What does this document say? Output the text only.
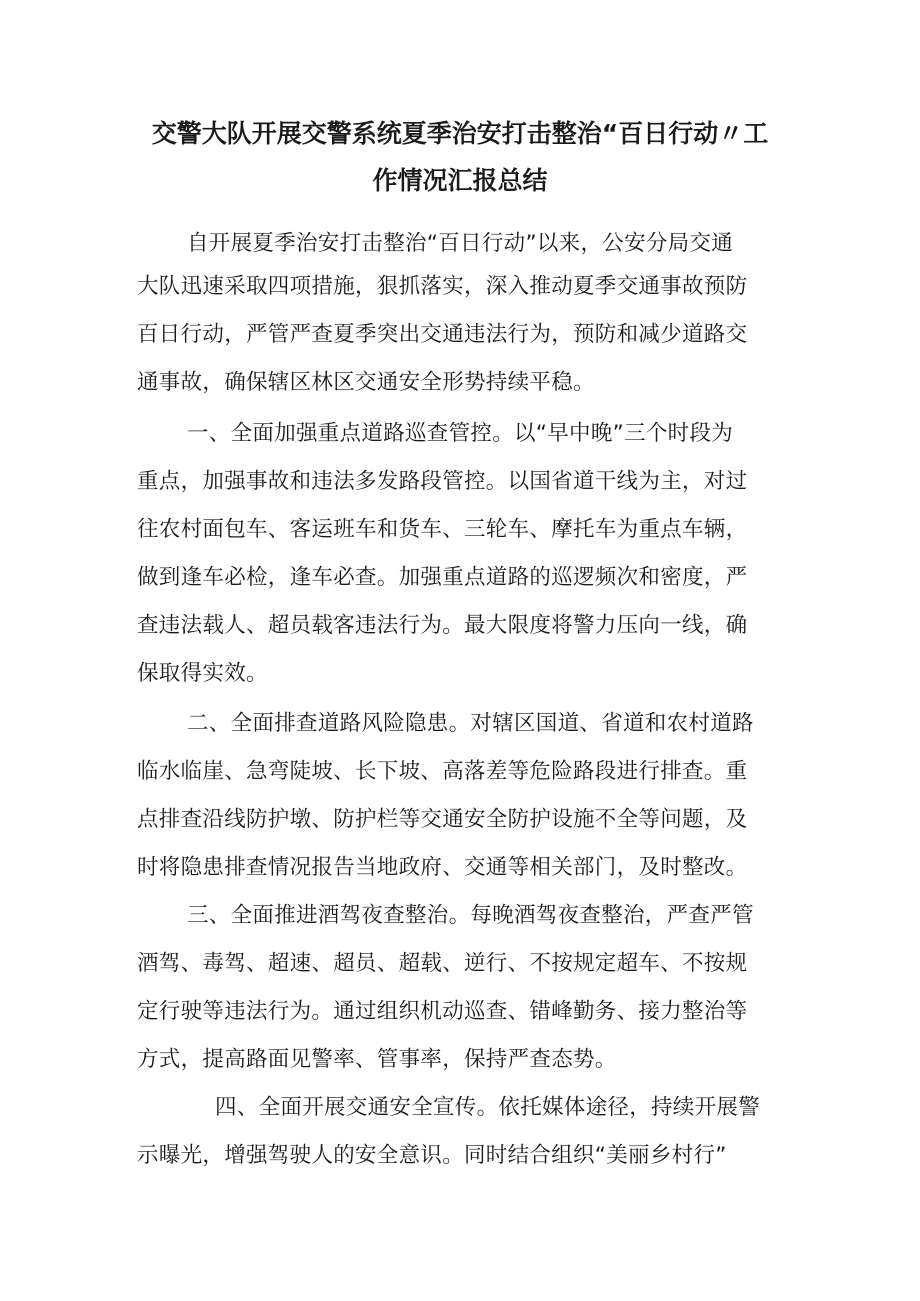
交警大队开展交警系统夏季治安打击整治“百日行动〃工
作情况汇报总结

自开展夏季治安打击整治“百日行动”以来，公安分局交通

大队迅速采取四项措施，狠抓落实，深入推动夏季交通事故预防

百日行动，严管严查夏季突出交通违法行为，预防和减少道路交

通事故，确保辖区林区交通安全形势持续平稳。

一、全面加强重点道路巡查管控。以“早中晚”三个时段为

重点，加强事故和违法多发路段管控。以国省道干线为主，对过

往农村面包车、客运班车和货车、三轮车、摩托车为重点车辆，

做到逢车必检，逢车必查。加强重点道路的巡逻频次和密度，严

查违法载人、超员载客违法行为。最大限度将警力压向一线，确

保取得实效。

二、全面排查道路风险隐患。对辖区国道、省道和农村道路

临水临崖、急弯陡坡、长下坡、高落差等危险路段进行排查。重

点排查沿线防护墩、防护栏等交通安全防护设施不全等问题，及

时将隐患排查情况报告当地政府、交通等相关部门，及时整改。

三、全面推进酒驾夜查整治。每晚酒驾夜查整治，严查严管

酒驾、毒驾、超速、超员、超载、逆行、不按规定超车、不按规

定行驶等违法行为。通过组织机动巡查、错峰勤务、接力整治等

方式，提高路面见警率、管事率，保持严查态势。

四、全面开展交通安全宣传。依托媒体途径，持续开展警

示曝光，增强驾驶人的安全意识。同时结合组织“美丽乡村行”
